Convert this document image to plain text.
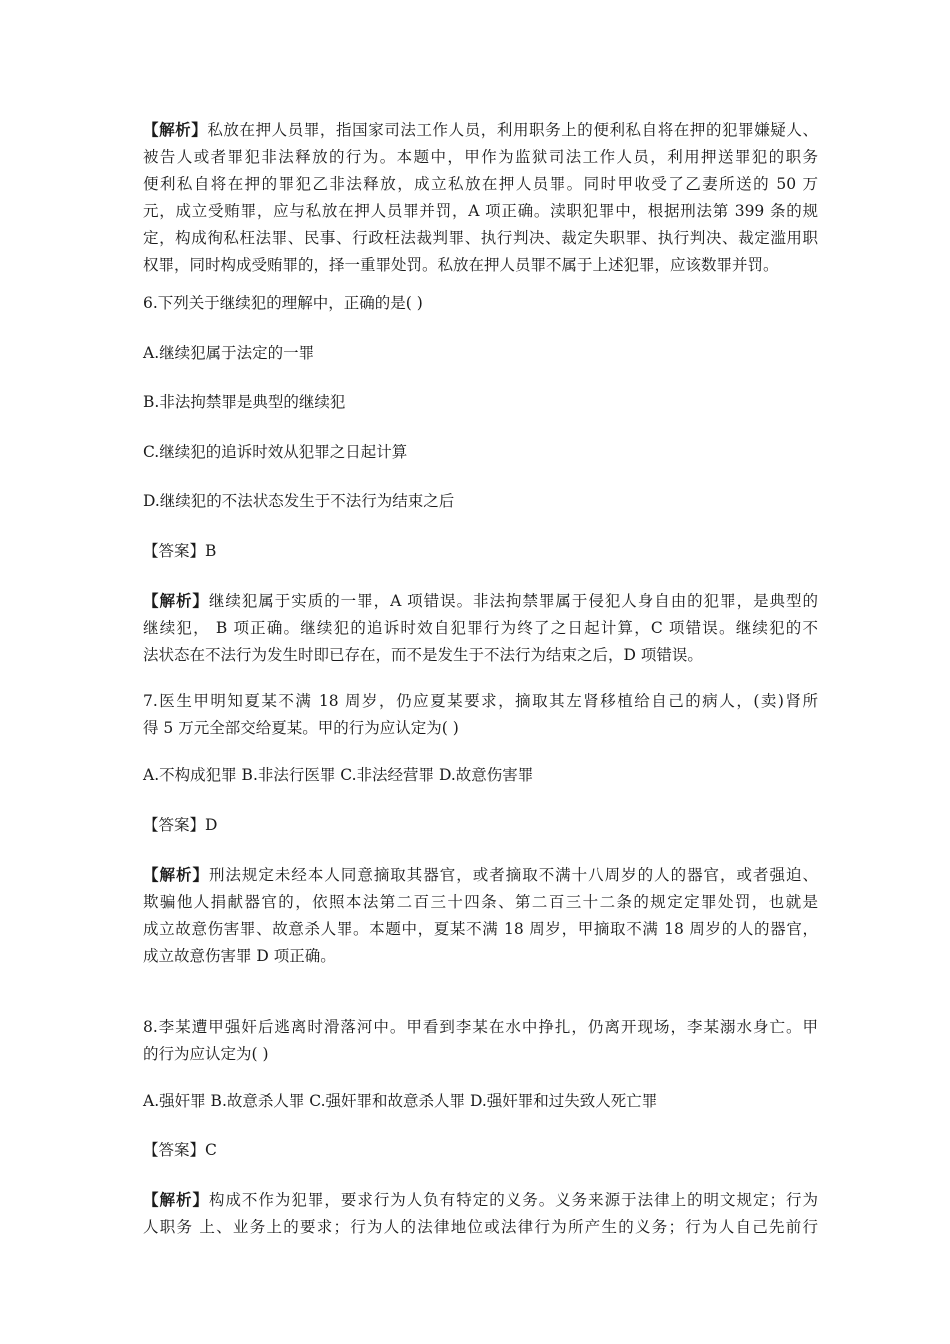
【解析】私放在押人员罪，指国家司法工作人员，利用职务上的便利私自将在押的犯罪嫌疑人、
被告人或者罪犯非法释放的行为。本题中，甲作为监狱司法工作人员，利用押送罪犯的职务
便利私自将在押的罪犯乙非法释放，成立私放在押人员罪。同时甲收受了乙妻所送的 50 万
元，成立受贿罪，应与私放在押人员罪并罚，A 项正确。渎职犯罪中，根据刑法第 399 条的规
定，构成徇私枉法罪、民事、行政枉法裁判罪、执行判决、裁定失职罪、执行判决、裁定滥用职
权罪，同时构成受贿罪的，择一重罪处罚。私放在押人员罪不属于上述犯罪，应该数罪并罚。
6.下列关于继续犯的理解中，正确的是( )
A.继续犯属于法定的一罪
B.非法拘禁罪是典型的继续犯
C.继续犯的追诉时效从犯罪之日起计算
D.继续犯的不法状态发生于不法行为结束之后
【答案】B
【解析】继续犯属于实质的一罪，A 项错误。非法拘禁罪属于侵犯人身自由的犯罪，是典型的
继续犯， B 项正确。继续犯的追诉时效自犯罪行为终了之日起计算，C 项错误。继续犯的不
法状态在不法行为发生时即已存在，而不是发生于不法行为结束之后，D 项错误。
7.医生甲明知夏某不满 18 周岁，仍应夏某要求，摘取其左肾移植给自己的病人，(卖)肾所
得 5 万元全部交给夏某。甲的行为应认定为( )
A.不构成犯罪 B.非法行医罪 C.非法经营罪 D.故意伤害罪
【答案】D
【解析】刑法规定未经本人同意摘取其器官，或者摘取不满十八周岁的人的器官，或者强迫、
欺骗他人捐献器官的，依照本法第二百三十四条、第二百三十二条的规定定罪处罚，也就是
成立故意伤害罪、故意杀人罪。本题中，夏某不满 18 周岁，甲摘取不满 18 周岁的人的器官，
成立故意伤害罪 D 项正确。
8.李某遭甲强奸后逃离时滑落河中。甲看到李某在水中挣扎，仍离开现场，李某溺水身亡。甲
的行为应认定为( )
A.强奸罪 B.故意杀人罪 C.强奸罪和故意杀人罪 D.强奸罪和过失致人死亡罪
【答案】C
【解析】构成不作为犯罪，要求行为人负有特定的义务。义务来源于法律上的明文规定；行为
人职务 上、业务上的要求；行为人的法律地位或法律行为所产生的义务；行为人自己先前行
